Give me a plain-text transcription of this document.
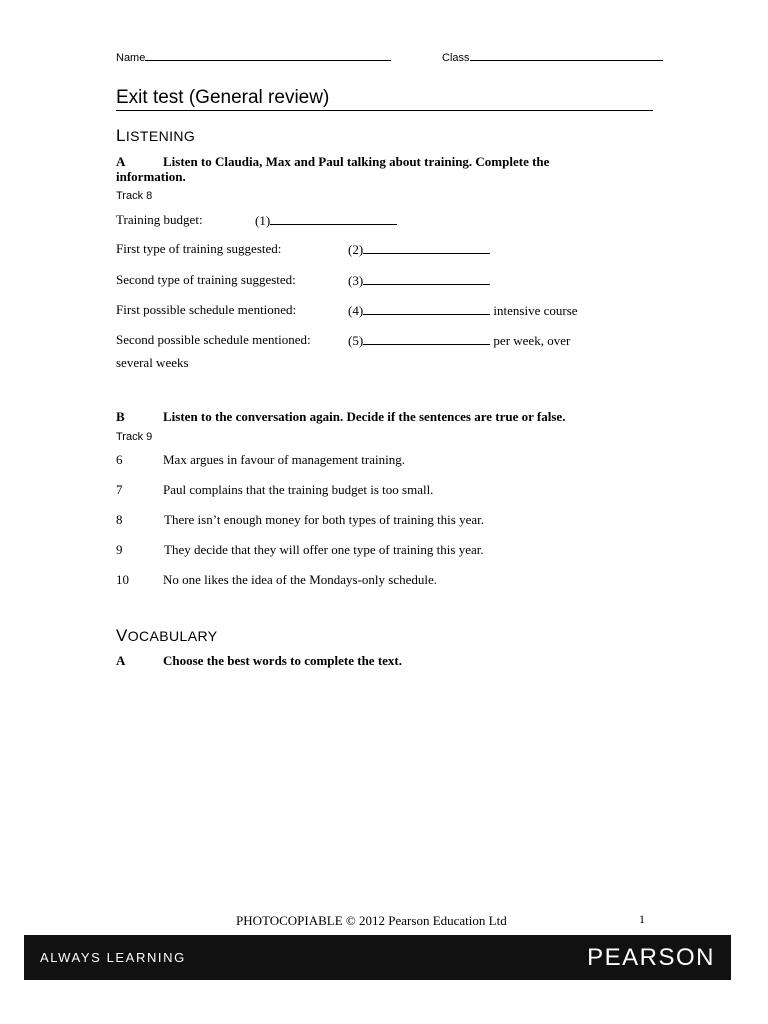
Name	Class
Exit test (General review)
LISTENING
A	Listen to Claudia, Max and Paul talking about training. Complete the information.
Track 8
Training budget:	(1)
First type of training suggested:	(2)
Second type of training suggested:	(3)
First possible schedule mentioned:	(4)	intensive course
Second possible schedule mentioned:	(5)	per week, over
several weeks
B	Listen to the conversation again. Decide if the sentences are true or false.
Track 9
6	Max argues in favour of management training.
7	Paul complains that the training budget is too small.
8	There isn’t enough money for both types of training this year.
9	They decide that they will offer one type of training this year.
10	No one likes the idea of the Mondays-only schedule.
VOCABULARY
A	Choose the best words to complete the text.
PHOTOCOPIABLE © 2012 Pearson Education Ltd	1
ALWAYS LEARNING	PEARSON
